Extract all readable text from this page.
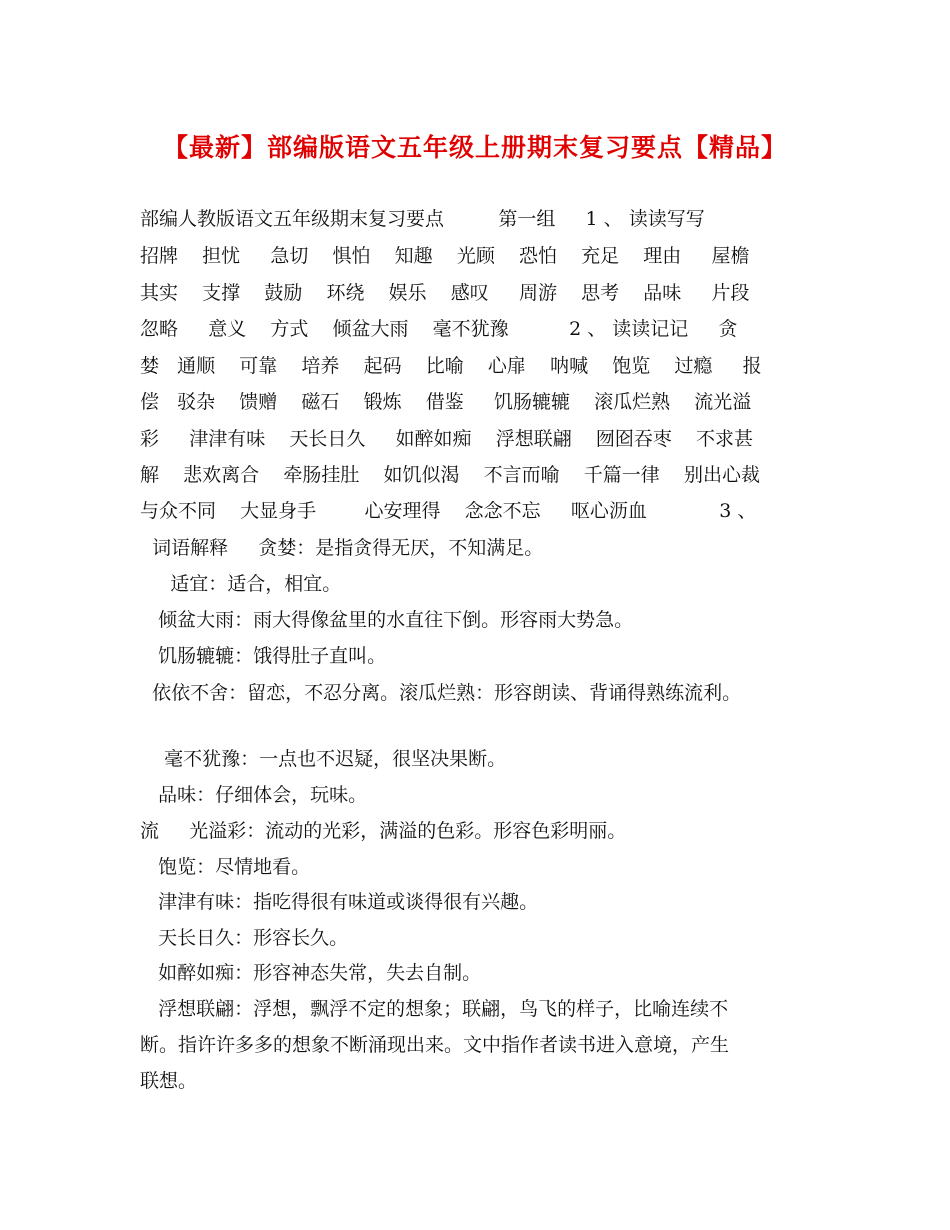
【最新】部编版语文五年级上册期末复习要点【精品】
部编人教版语文五年级期末复习要点         第一组     1 、 读读写写
招牌    担忧     急切    惧怕    知趣    光顾    恐怕    充足    理由     屋檐
其实    支撑    鼓励    环绕    娱乐    感叹     周游    思考    品味     片段
忽略     意义    方式    倾盆大雨    毫不犹豫          2 、 读读记记     贪
婪   通顺    可靠    培养    起码    比喻    心扉    呐喊    饱览    过瘾     报
偿   驳杂    馈赠    磁石    锻炼    借鉴     饥肠辘辘    滚瓜烂熟    流光溢
彩     津津有味    天长日久     如醉如痴    浮想联翩    囫囵吞枣    不求甚
解    悲欢离合    牵肠挂肚    如饥似渴    不言而喻    千篇一律    别出心裁
与众不同    大显身手        心安理得    念念不忘     呕心沥血            3 、
词语解释     贪婪：是指贪得无厌，不知满足。
适宜：适合，相宜。
倾盆大雨：雨大得像盆里的水直往下倒。形容雨大势急。
饥肠辘辘：饿得肚子直叫。
依依不舍：留恋，不忍分离。滚瓜烂熟：形容朗读、背诵得熟练流利。
毫不犹豫：一点也不迟疑，很坚决果断。
品味：仔细体会，玩味。
流     光溢彩：流动的光彩，满溢的色彩。形容色彩明丽。
饱览：尽情地看。
津津有味：指吃得很有味道或谈得很有兴趣。
天长日久：形容长久。
如醉如痴：形容神态失常，失去自制。
浮想联翩：浮想，飘浮不定的想象；联翩，鸟飞的样子，比喻连续不
断。指许许多多的想象不断涌现出来。文中指作者读书进入意境，产生
联想。
